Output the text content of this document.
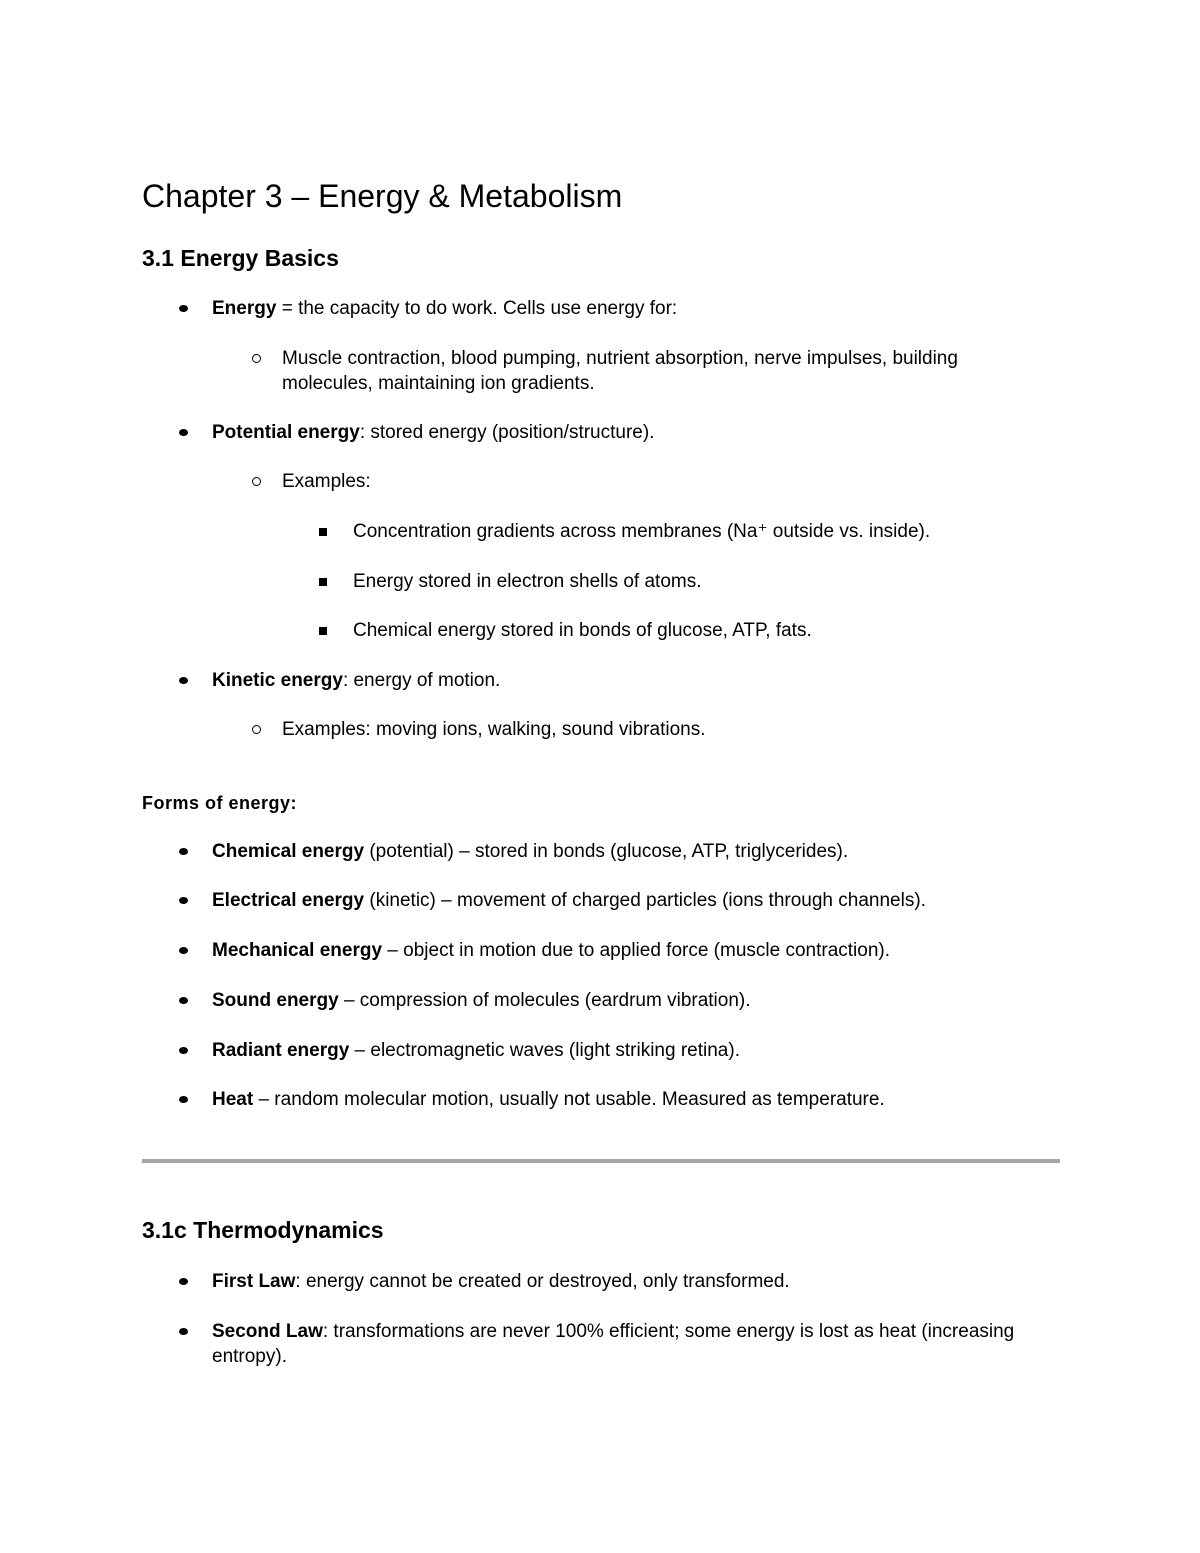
Chapter 3 – Energy & Metabolism
3.1 Energy Basics
Energy = the capacity to do work. Cells use energy for:
Muscle contraction, blood pumping, nutrient absorption, nerve impulses, building molecules, maintaining ion gradients.
Potential energy: stored energy (position/structure).
Examples:
Concentration gradients across membranes (Na⁺ outside vs. inside).
Energy stored in electron shells of atoms.
Chemical energy stored in bonds of glucose, ATP, fats.
Kinetic energy: energy of motion.
Examples: moving ions, walking, sound vibrations.
Forms of energy:
Chemical energy (potential) – stored in bonds (glucose, ATP, triglycerides).
Electrical energy (kinetic) – movement of charged particles (ions through channels).
Mechanical energy – object in motion due to applied force (muscle contraction).
Sound energy – compression of molecules (eardrum vibration).
Radiant energy – electromagnetic waves (light striking retina).
Heat – random molecular motion, usually not usable. Measured as temperature.
3.1c Thermodynamics
First Law: energy cannot be created or destroyed, only transformed.
Second Law: transformations are never 100% efficient; some energy is lost as heat (increasing entropy).
